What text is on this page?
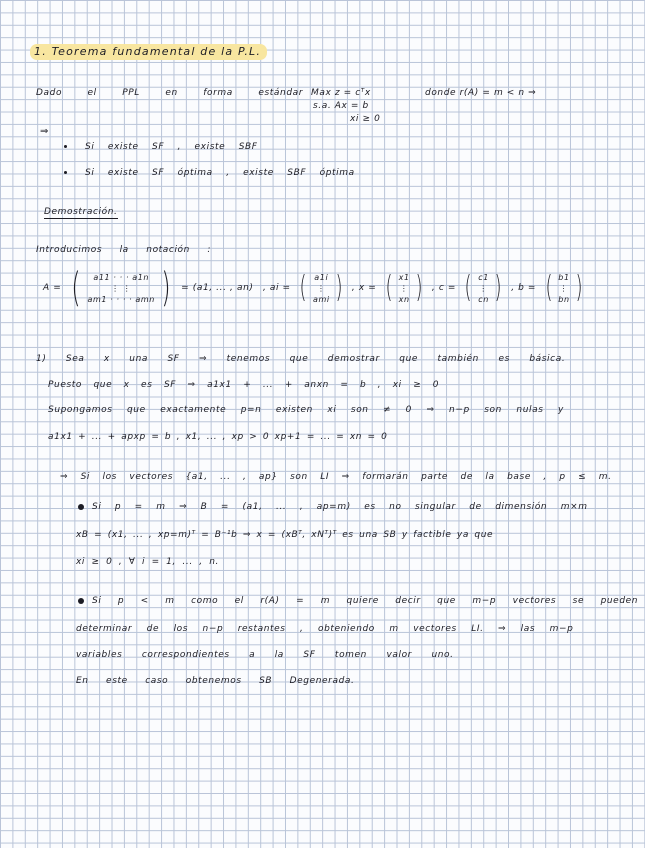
1. Teorema fundamental de la P.L.
Dado el PPL en forma estándar Max z = cᵀx
s.a. Ax = b
xi ≥ 0
donde r(A) = m < n ⇒
⇒
Si existe SF , existe SBF
Si existe SF óptima , existe SBF óptima
Demostración.
Introducimos la notación :
A = ( a11 · · · a1n
⋮ ⋮
am1 · · · · amn ) = (a1, ... , an) , ai = ( a1i
⋮
ami ) , x = ( x1
⋮
xn ) , c = ( c1
⋮
cn ) , b = ( b1
⋮
bn )
1) Sea x una SF ⇒ tenemos que demostrar que también es básica.
Puesto que x es SF ⇒ a1x1 + ... + anxn = b , xi ≥ 0
Supongamos que exactamente p=n existen xi son ≠ 0 ⇒ n−p son nulas y
a1x1 + ... + apxp = b , x1, ... , xp > 0 xp+1 = ... = xn = 0
⇒ Si los vectores {a1, ... , ap} son LI ⇒ formarán parte de la base , p ≤ m.
Si p = m ⇒ B = (a1, ... , ap=m) es no singular de dimensión m×m
xB = (x1, ... , xp=m)ᵀ = B⁻¹b ⇒ x = (xBᵀ, xNᵀ)ᵀ es una SB y factible ya que
xi ≥ 0 , ∀ i = 1, ... , n.
Si p < m como el r(A) = m quiere decir que m−p vectores se pueden
determinar de los n−p restantes , obteniendo m vectores LI. ⇒ las m−p
variables correspondientes a la SF tomen valor uno.
En este caso obtenemos SB Degenerada.
